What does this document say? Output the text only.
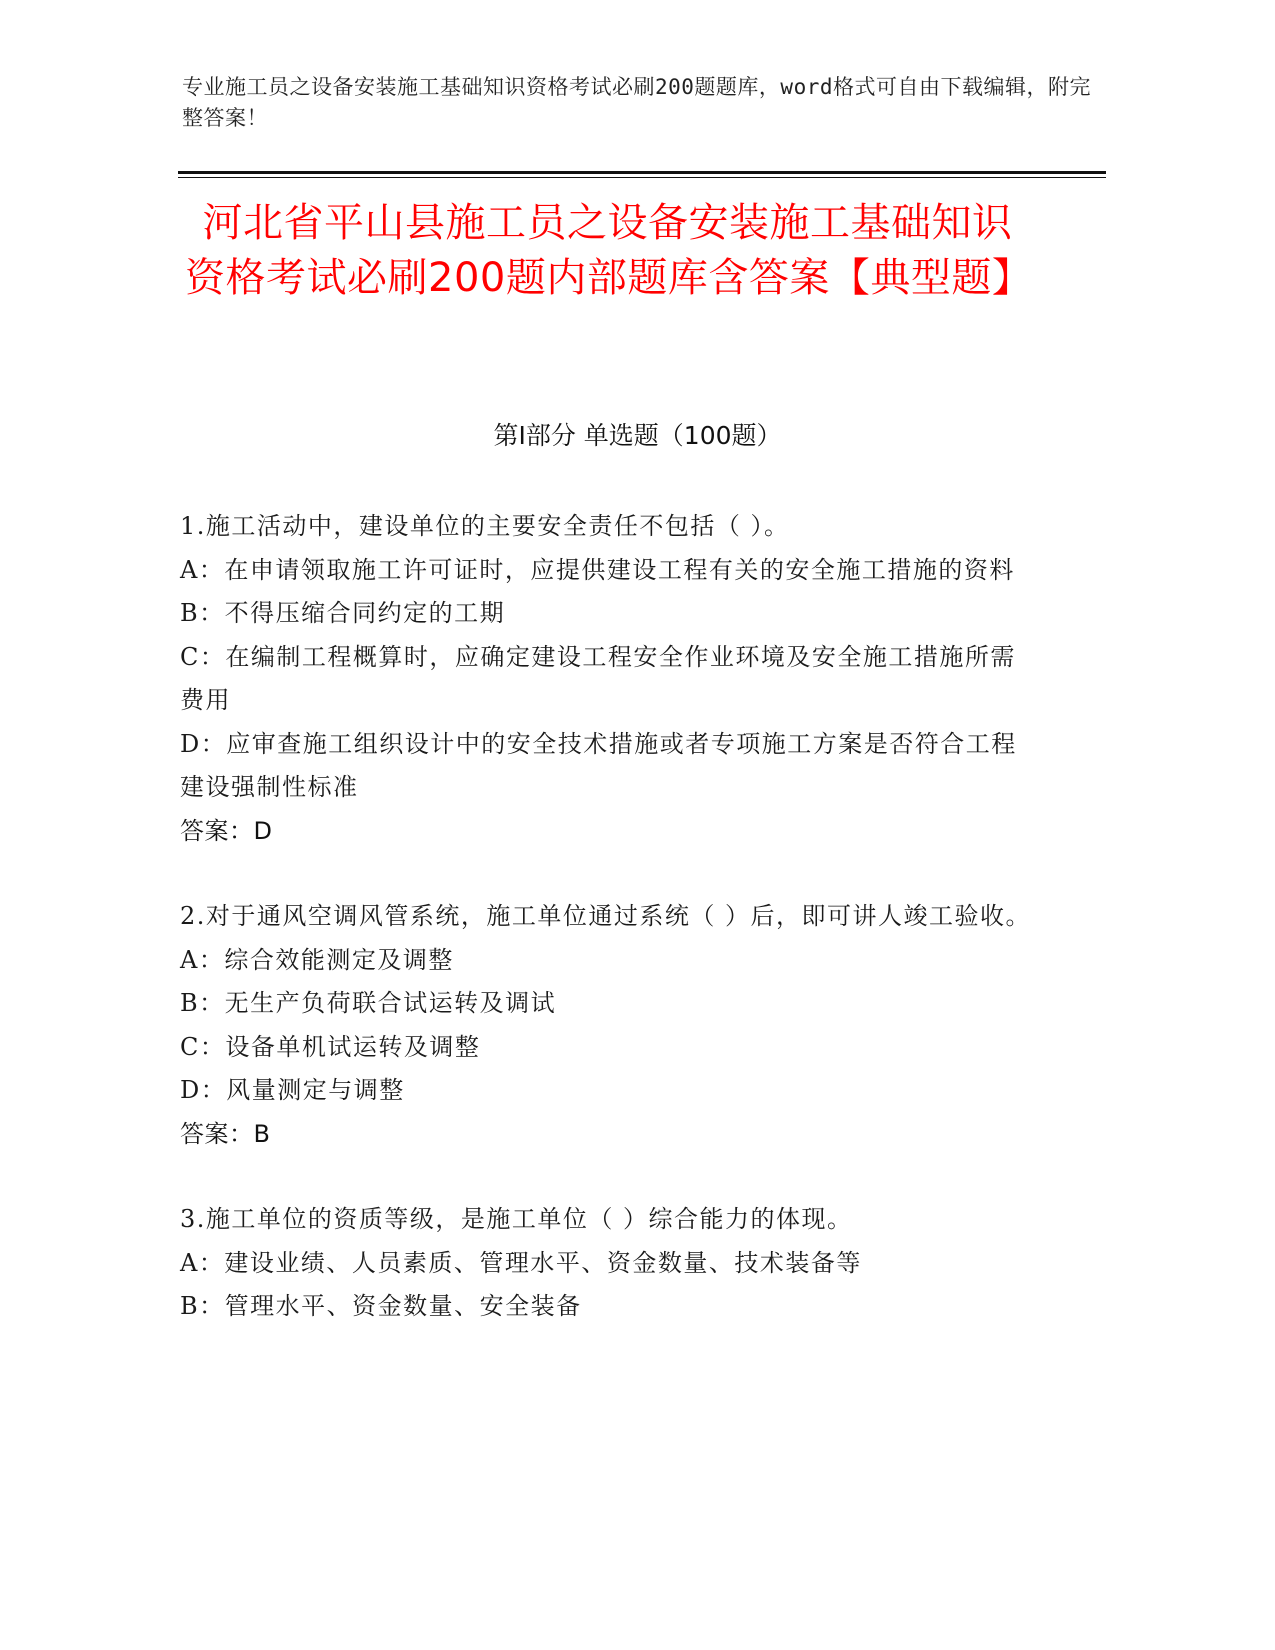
专业施工员之设备安装施工基础知识资格考试必刷200题题库，word格式可自由下载编辑，附完整答案！
河北省平山县施工员之设备安装施工基础知识资格考试必刷200题内部题库含答案【典型题】
第Ⅰ部分 单选题（100题）

1.施工活动中，建设单位的主要安全责任不包括（ ）。

A：在申请领取施工许可证时，应提供建设工程有关的安全施工措施的资料

B：不得压缩合同约定的工期

C：在编制工程概算时，应确定建设工程安全作业环境及安全施工措施所需费用

D：应审查施工组织设计中的安全技术措施或者专项施工方案是否符合工程建设强制性标准

答案：D

2.对于通风空调风管系统，施工单位通过系统（ ）后，即可讲人竣工验收。

A：综合效能测定及调整

B：无生产负荷联合试运转及调试

C：设备单机试运转及调整

D：风量测定与调整

答案：B

3.施工单位的资质等级，是施工单位（ ）综合能力的体现。

A：建设业绩、人员素质、管理水平、资金数量、技术装备等

B：管理水平、资金数量、安全装备
